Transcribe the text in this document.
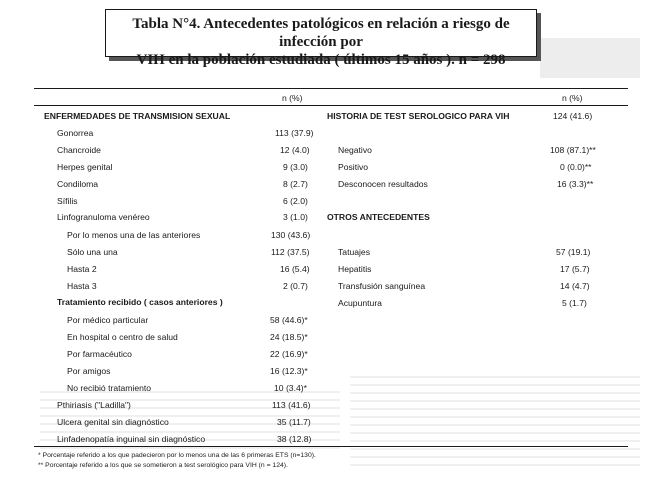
Tabla N°4. Antecedentes patológicos en relación a riesgo de infección por
VIH en la población estudiada ( últimos 15 años ). n = 298
n (%)	n (%)
ENFERMEDADES DE TRANSMISION SEXUAL
Gonorrea	113 (37.9)
Chancroide	12 (4.0)
Herpes genital	9 (3.0)
Condiloma	8 (2.7)
Sífilis	6 (2.0)
Linfogranuloma venéreo	3 (1.0)
Por lo menos una de las anteriores	130 (43.6)
Sólo una una	112 (37.5)
Hasta 2	16 (5.4)
Hasta 3	2 (0.7)
Tratamiento recibido ( casos anteriores )
Por médico particular	58 (44.6)*
En hospital o centro de salud	24 (18.5)*
Por farmacéutico	22 (16.9)*
Por amigos	16 (12.3)*
No recibió tratamiento	10 (3.4)*
Pthiriasis ("Ladilla")	113 (41.6)
Ulcera genital sin diagnóstico	35 (11.7)
Linfadenopatía inguinal sin diagnóstico	38 (12.8)
HISTORIA DE TEST SEROLOGICO PARA VIH	124 (41.6)
Negativo	108 (87.1)**
Positivo	0 (0.0)**
Desconocen resultados	16 (3.3)**
OTROS ANTECEDENTES
Tatuajes	57 (19.1)
Hepatitis	17 (5.7)
Transfusión sanguínea	14 (4.7)
Acupuntura	5 (1.7)
* Porcentaje referido a los que padecieron por lo menos una de las 6 primeras ETS (n=130).
** Porcentaje referido a los que se sometieron a test serológico para VIH (n = 124).
